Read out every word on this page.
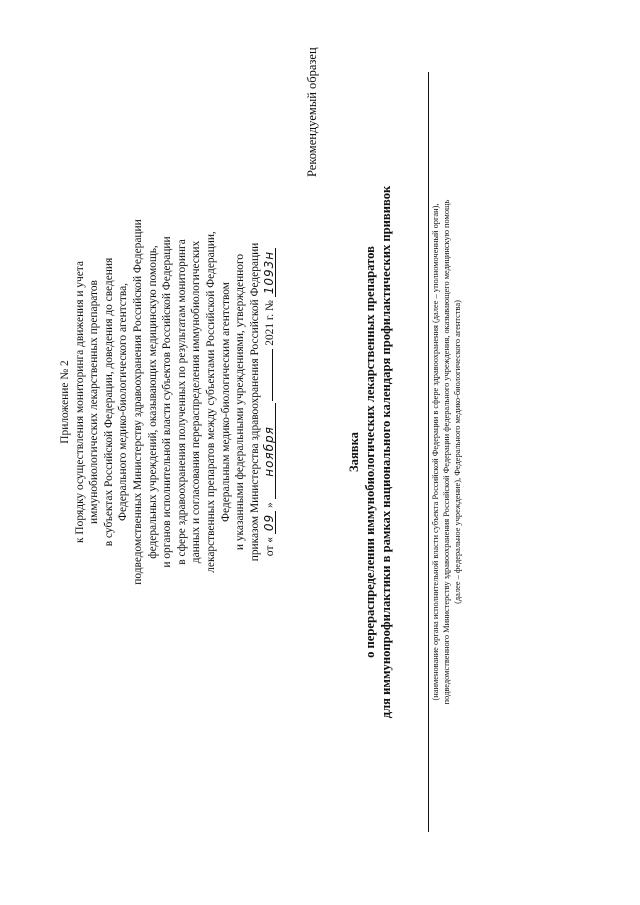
Приложение № 2 к Порядку осуществления мониторинга движения и учета иммунобиологических лекарственных препаратов в субъектах Российской Федерации, доведения до сведения Федерального медико-биологического агентства, подведомственных Министерству здравоохранения Российской Федерации федеральных учреждений, оказывающих медицинскую помощь, и органов исполнительной власти субъектов Российской Федерации в сфере здравоохранения полученных по результатам мониторинга данных и согласования перераспределения иммунобиологических лекарственных препаратов между субъектами Российской Федерации, Федеральным медико-биологическим агентством и указанными федеральными учреждениями, утвержденного приказом Министерства здравоохранения Российской Федерации от « 09 » ноября  2021 г. № 1093н
Рекомендуемый образец
Заявка о перераспределении иммунобиологических лекарственных препаратов для иммунопрофилактики в рамках национального календаря профилактических прививок	(наименование органа исполнительной власти субъекта Российской Федерации в сфере здравоохранения (далее – уполномоченный орган), подведомственного Министерству здравоохранения Российской Федерации федерального учреждения, оказывающего медицинскую помощь (далее – федеральное учреждение), Федерального медико-биологического агентства)
